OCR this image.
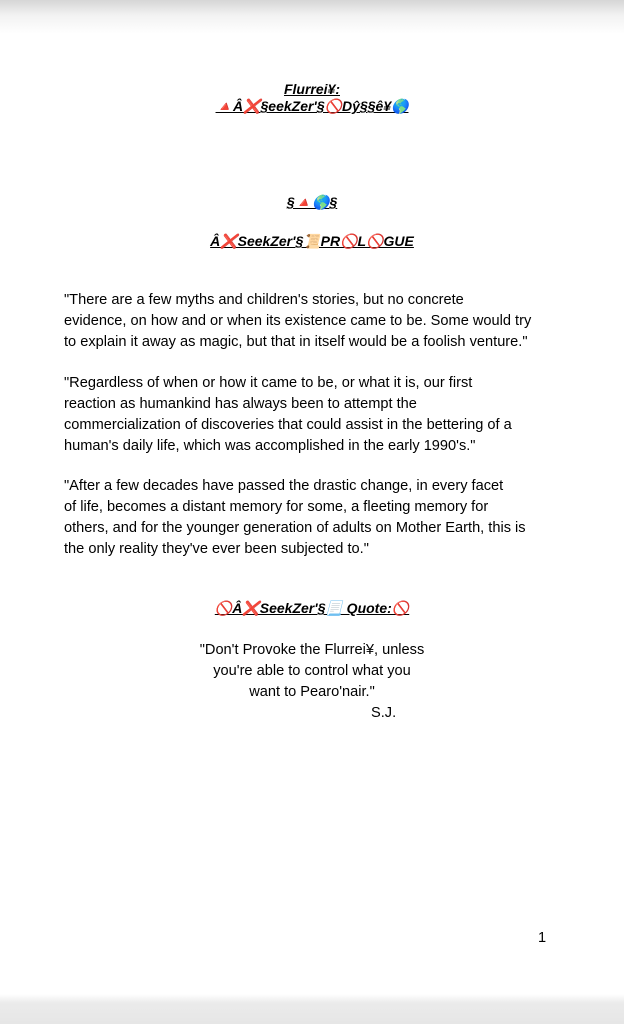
Flurrei¥:
🔺Â❌§eekZer'§🚫Dŷ§§ê¥🌎
§🔺🌎§
Â❌SeekZer'§📜PR🚫L🚫GUE
"There are a few myths and children's stories, but no concrete
evidence, on how and or when its existence came to be. Some would try
to explain it away as magic, but that in itself would be a foolish venture."
"Regardless of when or how it came to be, or what it is, our first
reaction as humankind has always been to attempt the
commercialization of discoveries that could assist in the bettering of a
human's daily life, which was accomplished in the early 1990's."
"After a few decades have passed the drastic change, in every facet
of life, becomes a distant memory for some, a fleeting memory for
others, and for the younger generation of adults on Mother Earth, this is
the only reality they've ever been subjected to."
🚫Â❌SeekZer'§📃 Quote:🚫
"Don't Provoke the Flurrei¥, unless
you're able to control what you
want to Pearo'nair."
S.J.
1
